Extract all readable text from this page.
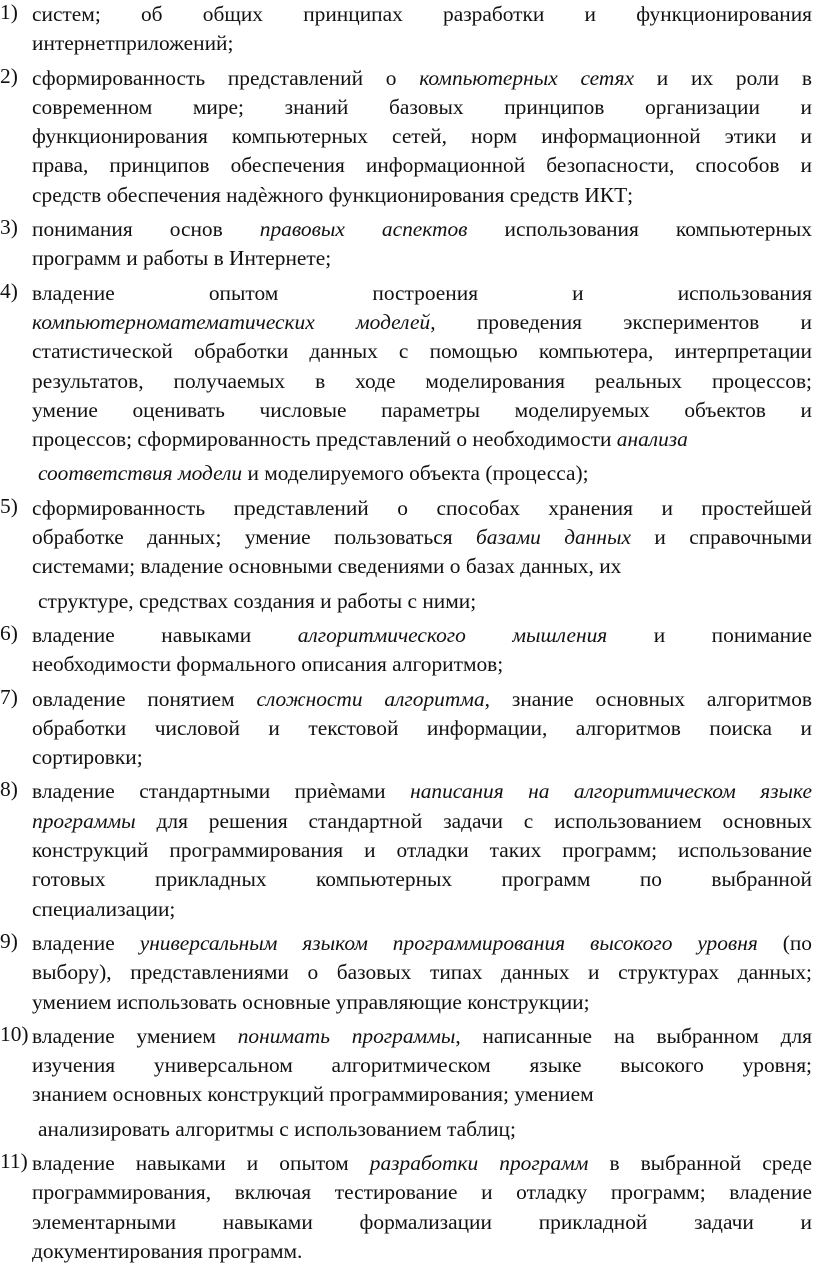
1) систем; об общих принципах разработки и функционирования
интернетприложений;
2) сформированность представлений о компьютерных сетях и их роли в
современном мире; знаний базовых принципов организации и
функционирования компьютерных сетей, норм информационной этики и
права, принципов обеспечения информационной безопасности, способов и
средств обеспечения надѐжного функционирования средств ИКТ;
3) понимания основ правовых аспектов использования компьютерных
программ и работы в Интернете;
4) владение опытом построения и использования
компьютерноматематических моделей, проведения экспериментов и
статистической обработки данных с помощью компьютера, интерпретации
результатов, получаемых в ходе моделирования реальных процессов;
умение оценивать числовые параметры моделируемых объектов и
процессов; сформированность представлений о необходимости анализа
соответствия модели и моделируемого объекта (процесса);
5) сформированность представлений о способах хранения и простейшей
обработке данных; умение пользоваться базами данных и справочными
системами; владение основными сведениями о базах данных, их
структуре, средствах создания и работы с ними;
6) владение навыками алгоритмического мышления и понимание
необходимости формального описания алгоритмов;
7) овладение понятием сложности алгоритма, знание основных алгоритмов
обработки числовой и текстовой информации, алгоритмов поиска и
сортировки;
8) владение стандартными приѐмами написания на алгоритмическом языке
программы для решения стандартной задачи с использованием основных
конструкций программирования и отладки таких программ; использование
готовых прикладных компьютерных программ по выбранной
специализации;
9) владение универсальным языком программирования высокого уровня (по
выбору), представлениями о базовых типах данных и структурах данных;
умением использовать основные управляющие конструкции;
10) владение умением понимать программы, написанные на выбранном для
изучения универсальном алгоритмическом языке высокого уровня;
знанием основных конструкций программирования; умением
анализировать алгоритмы с использованием таблиц;
11) владение навыками и опытом разработки программ в выбранной среде
программирования, включая тестирование и отладку программ; владение
элементарными навыками формализации прикладной задачи и
документирования программ.
